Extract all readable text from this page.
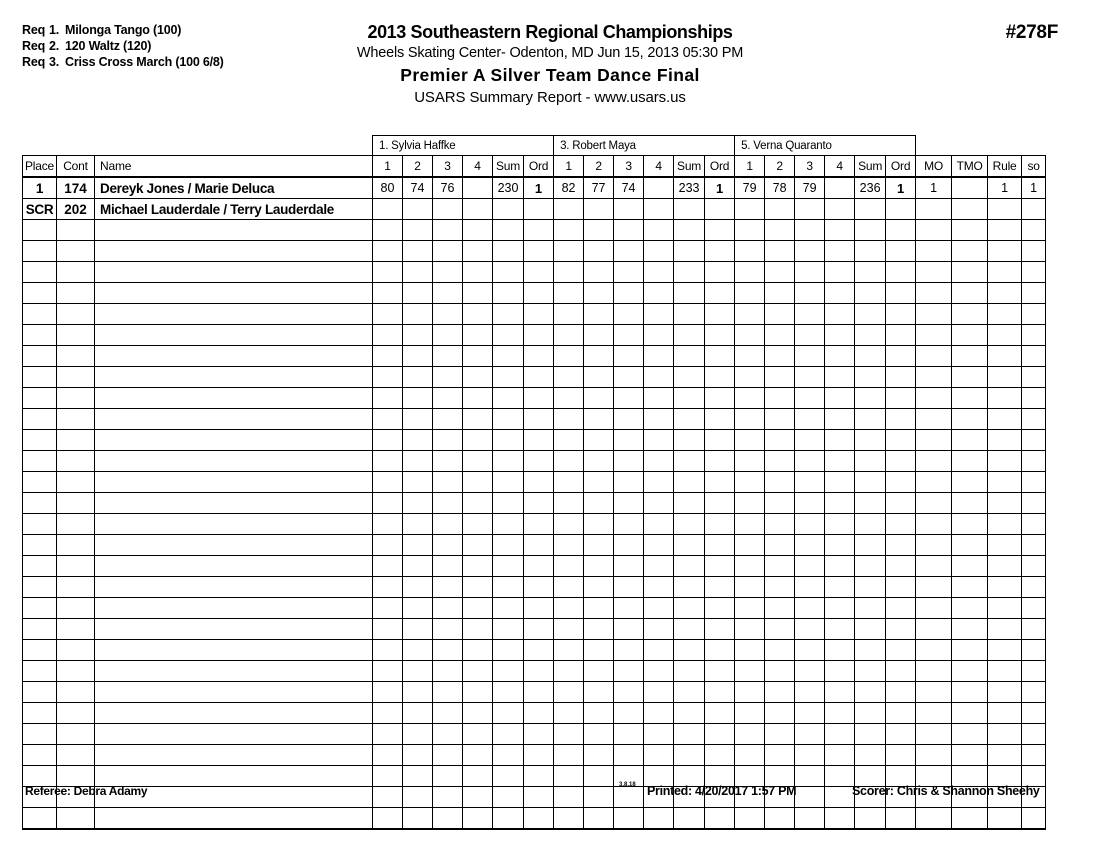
Req 1. Milonga Tango (100)
Req 2. 120 Waltz (120)
Req 3. Criss Cross March (100 6/8)
#278F
2013 Southeastern Regional Championships
Wheels Skating Center- Odenton, MD Jun 15, 2013 05:30 PM
Premier A Silver Team Dance Final
USARS Summary Report - www.usars.us
			1. Sylvia Haffke						3. Robert Maya						5. Verna Quaranto									
Place	Cont	Name	1	2	3	4	Sum	Ord	1	2	3	4	Sum	Ord	1	2	3	4	Sum	Ord	MO	TMO	Rule	so
1	174	Dereyk Jones / Marie Deluca	80	74	76		230	1	82	77	74		233	1	79	78	79		236	1	1		1	1
SCR	202	Michael Lauderdale / Terry Lauderdale																						

Referee: Debra Adamy	3.8.18 Printed: 4/20/2017 1:57 PM	Scorer: Chris & Shannon Sheehy
